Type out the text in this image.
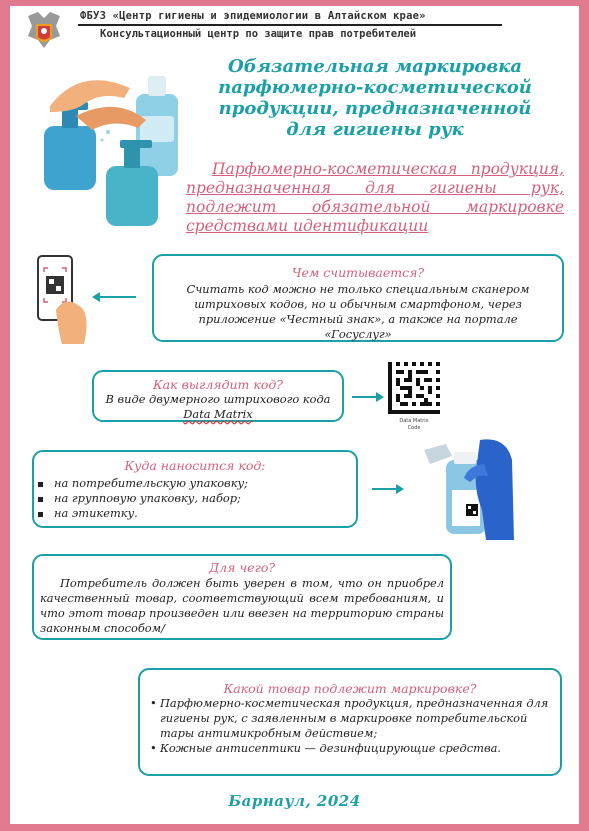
ФБУЗ «Центр гигиены и эпидемиологии в Алтайском крае»
Консультационный центр по защите прав потребителей
Обязательная маркировка парфюмерно-косметической продукции, предназначенной для гигиены рук
Парфюмерно-косметическая продукция, предназначенная для гигиены рук, подлежит обязательной маркировке средствами идентификации
Чем считывается?
Считать код можно не только специальным сканером штриховых кодов, но и обычным смартфоном, через приложение «Честный знак», а также на портале «Госуслуг»
Как выглядит код?
В виде двумерного штрихового кода
Data Matrix	Data Matrix
Code
Куда наносится код:
на потребительскую упаковку;
на групповую упаковку, набор;
на этикетку.
Для чего?
Потребитель должен быть уверен в том, что он приобрел качественный товар, соответствующий всем требованиям, и что этот товар произведен или ввезен на территорию страны законным способом/
Какой товар подлежит маркировке?
• Парфюмерно-косметическая продукция, предназначенная для гигиены рук, с заявленным в маркировке потребительской тары антимикробным действием;
• Кожные антисептики — дезинфицирующие средства.
Барнаул, 2024
